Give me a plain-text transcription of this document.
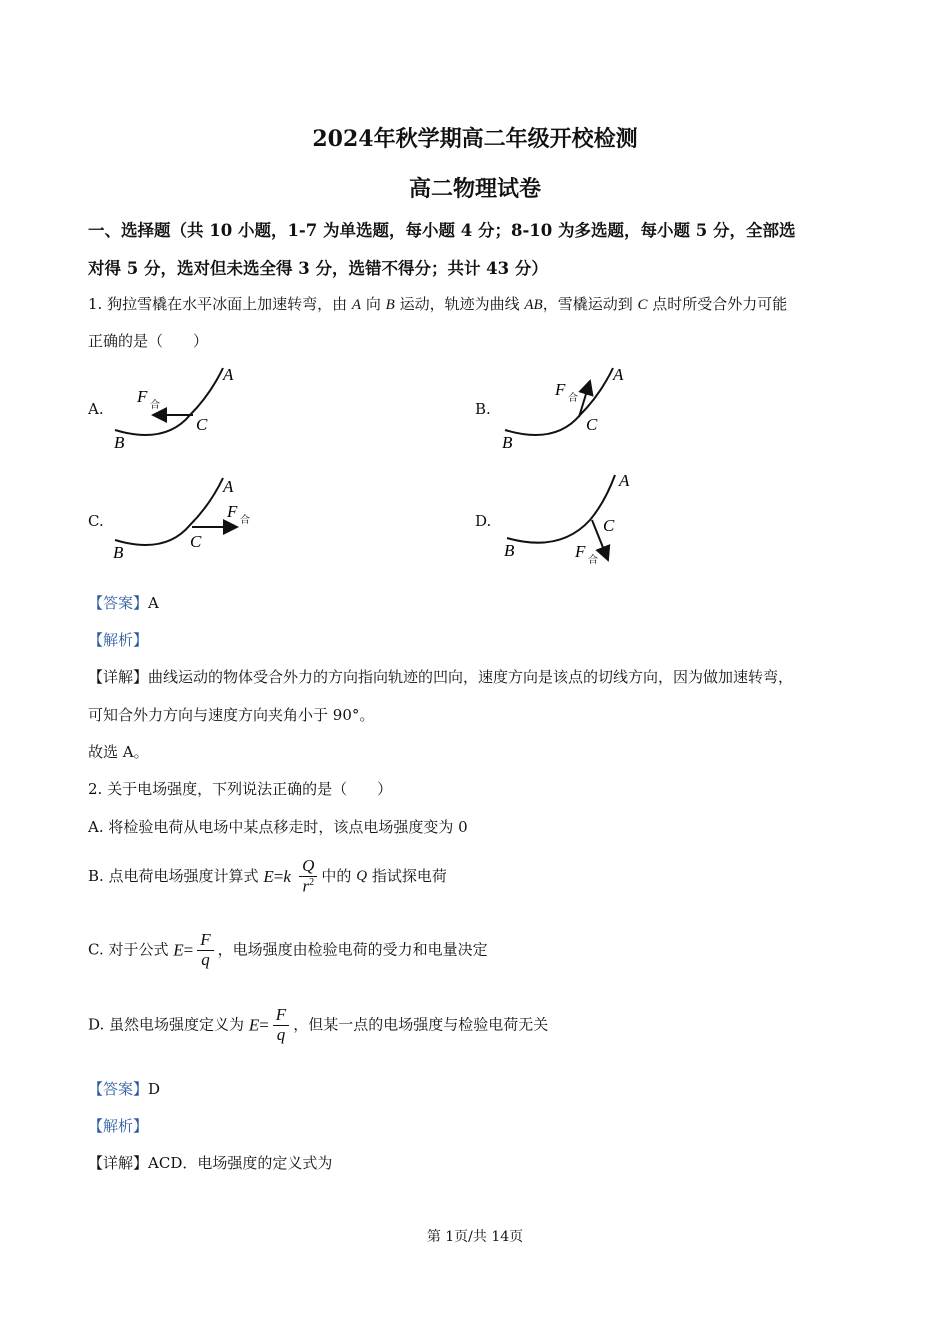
2024年秋学期高二年级开校检测
高二物理试卷
一、选择题（共 10 小题，1-7 为单选题，每小题 4 分；8-10 为多选题，每小题 5 分，全部选
对得 5 分，选对但未选全得 3 分，选错不得分；共计 43 分）
1. 狗拉雪橇在水平冰面上加速转弯，由 A 向 B 运动，轨迹为曲线 AB，雪橇运动到 C 点时所受合外力可能
正确的是（　　）
A.	B.
C.	D.
A
B
C
F 合
A
B
C
F 合
A
B
C
F 合
A
B
C
F 合
【答案】A
【解析】
【详解】曲线运动的物体受合外力的方向指向轨迹的凹向，速度方向是该点的切线方向，因为做加速转弯，
可知合外力方向与速度方向夹角小于 90°。
故选 A。
2. 关于电场强度，下列说法正确的是（　　）
A. 将检验电荷从电场中某点移走时，该点电场强度变为 0
B. 点电荷电场强度计算式 $E=k \frac{Q}{r^2}$ 中的 Q 指试探电荷
C. 对于公式 $E= \frac{F}{q}$ ，电场强度由检验电荷的受力和电量决定
D. 虽然电场强度定义为 $E= \frac{F}{q}$ ，但某一点的电场强度与检验电荷无关
【答案】D
【解析】
【详解】ACD．电场强度的定义式为
第 1页/共 14页
